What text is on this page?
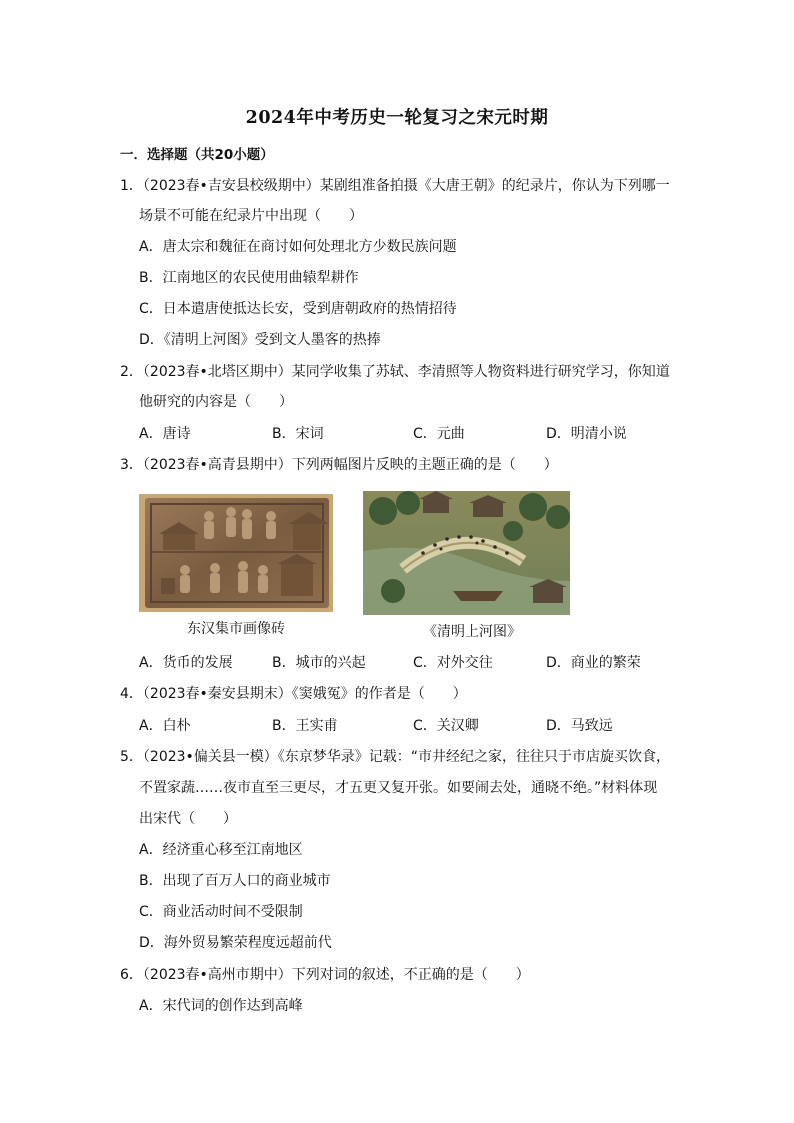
2024年中考历史一轮复习之宋元时期
一．选择题（共20小题）
1．（2023春•吉安县校级期中）某剧组准备拍摄《大唐王朝》的纪录片，你认为下列哪一
场景不可能在纪录片中出现（　　）
A．唐太宗和魏征在商讨如何处理北方少数民族问题
B．江南地区的农民使用曲辕犁耕作
C．日本遣唐使抵达长安，受到唐朝政府的热情招待
D．《清明上河图》受到文人墨客的热捧
2．（2023春•北塔区期中）某同学收集了苏轼、李清照等人物资料进行研究学习，你知道
他研究的内容是（　　）
A．唐诗	B．宋词	C．元曲	D．明清小说
3．（2023春•高青县期中）下列两幅图片反映的主题正确的是（　　）
东汉集市画像砖	《清明上河图》
A．货币的发展	B．城市的兴起	C．对外交往	D．商业的繁荣
4．（2023春•秦安县期末）《窦娥冤》的作者是（　　）
A．白朴	B．王实甫	C．关汉卿	D．马致远
5．（2023•偏关县一模）《东京梦华录》记载：“市井经纪之家，往往只于市店旋买饮食，
不置家蔬……夜市直至三更尽，才五更又复开张。如要闹去处，通晓不绝。”材料体现
出宋代（　　）
A．经济重心移至江南地区
B．出现了百万人口的商业城市
C．商业活动时间不受限制
D．海外贸易繁荣程度远超前代
6．（2023春•高州市期中）下列对词的叙述，不正确的是（　　）
A．宋代词的创作达到高峰
